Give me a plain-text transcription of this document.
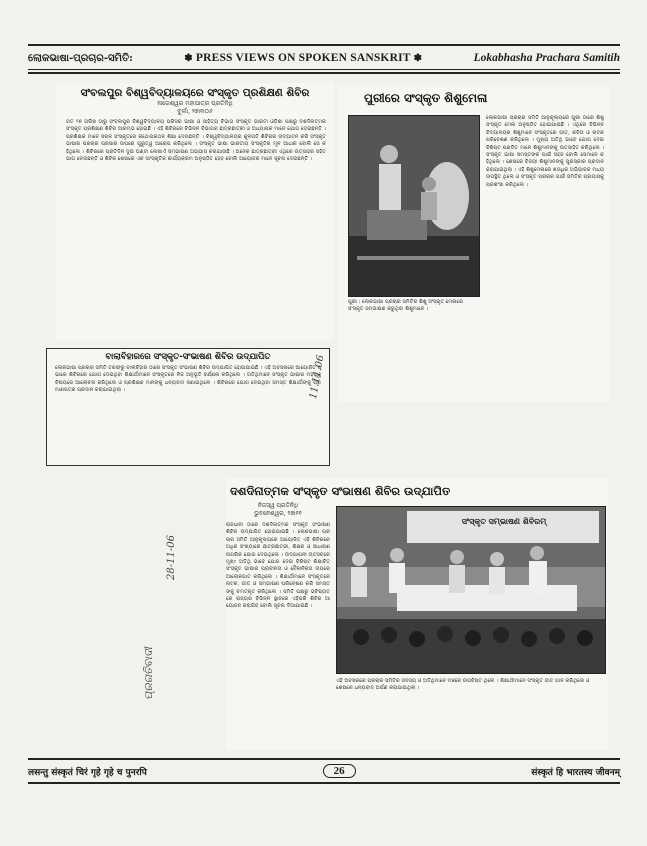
ଲୋକଭାଷା-ପ୍ରଚାର-ସମିତି:	✽ PRESS VIEWS ON SPOKEN SANSKRIT ✽	Lokabhasha Prachara Samitih
ସଂବଲପୁର ବିଶ୍ୱବିଦ୍ୟାଳୟରେ ସଂସ୍କୃତ ପ୍ରଶିକ୍ଷଣ ଶିବିର
ନାଗେଶ୍ୱର ମହାପାତ୍ର ପ୍ରତିନିଧି
ବୁର୍ଲା, ୨୭ା୧ା୦୬
ଗତ ୨୭ ତାରିଖ ଠାରୁ ସଂବଲପୁର ବିଶ୍ୱବିଦ୍ୟାଳୟ ପରିସର ଭାଷା ଓ ସାହିତ୍ୟ ବିଭାଗ ସଂସ୍କୃତ ଭାରତୀ ଓଡ଼ିଶା ପକ୍ଷରୁ ଦଶଦିନାତ୍ମକ ସଂସ୍କୃତ ପ୍ରଶିକ୍ଷଣ ଶିବିର ଆରମ୍ଭ ହୋଇଛି । ଏହି ଶିବିରରେ ବିଭିନ୍ନ ବିଭାଗର ଛାତ୍ରଛାତ୍ରୀ ଓ ଅଧ୍ୟାପକ ମାନେ ଯୋଗ ଦେଇଛନ୍ତି । ପ୍ରଶିକ୍ଷକ ମାନେ ସରଳ ସଂସ୍କୃତରେ କଥୋପକଥନ ଶିକ୍ଷା ଦେଉଛନ୍ତି । ବିଶ୍ୱବିଦ୍ୟାଳୟର କୁଳପତି ଶିବିରର ଉଦ୍‌ଘାଟନ କରି ସଂସ୍କୃତ ଭାଷାର ପ୍ରଚାର ପ୍ରସାର ଉପରେ ଗୁରୁତ୍ୱ ଆରୋପ କରିଥିଲେ । ସଂସ୍କୃତ ଭାଷା ଭାରତୀୟ ସଂସ୍କୃତିର ମୂଳ ଆଧାର ବୋଲି ସେ କହିଥିଲେ । ଶିବିରରେ ପ୍ରତିଦିନ ଦୁଇ ଘଣ୍ଟା ଲେଖାଏଁ ସମ୍ଭାଷଣ ଅଭ୍ୟାସ କରାଯାଉଛି । ଅନେକ ଛାତ୍ରଛାତ୍ରୀ ଏଥିରେ ଉତ୍ସାହର ସହିତ ଭାଗ ନେଉଛନ୍ତି ଓ ଶିବିର ଶେଷରେ ଏକ ସାଂସ୍କୃତିକ କାର୍ଯ୍ୟକ୍ରମ ଅନୁଷ୍ଠିତ ହେବ ବୋଲି ଆୟୋଜକ ମାନେ ସୂଚନା ଦେଇଛନ୍ତି ।
ପୁରୀରେ ସଂସ୍କୃତ ଶିଶୁମେଳା
ଲୋକଭାଷା ପ୍ରଚାର ସମିତି ଆନୁକୂଲ୍ୟରେ ପୁରୀ ଠାରେ ଶିଶୁ ସଂସ୍କୃତ ମେଳା ଅନୁଷ୍ଠିତ ହୋଇଯାଇଛି । ଏଥିରେ ବିଭିନ୍ନ ବିଦ୍ୟାଳୟର ଶିଶୁମାନେ ସଂସ୍କୃତରେ ଗୀତ, କବିତା ଓ ନାଟକ ପରିବେଶଣ କରିଥିଲେ । ମୁଖ୍ୟ ଅତିଥି ଭାବେ ଯୋଗ ଦେଇ ବିଶିଷ୍ଟ ପଣ୍ଡିତ ମାନେ ଶିଶୁମାନଙ୍କୁ ଉତ୍ସାହିତ କରିଥିଲେ । ସଂସ୍କୃତ ଭାଷା ସମସ୍ତଙ୍କ ପାଇଁ ସହଜ ବୋଲି ସେମାନେ କହିଥିଲେ । ଶେଷରେ ବିଜୟୀ ଶିଶୁମାନଙ୍କୁ ପୁରସ୍କାର ପ୍ରଦାନ କରାଯାଇଥିଲା । ଏହି ଶିଶୁମେଳାରେ ଶତାଧିକ ଅଭିଭାବକ ମଧ୍ୟ ଉପସ୍ଥିତ ଥିଲେ ଓ ସଂସ୍କୃତ ପ୍ରଚାର ପାଇଁ ସମିତିର ପ୍ରୟାସକୁ ପ୍ରଶଂସା କରିଥିଲେ ।
ପୁରୀ : ଲୋକଭାଷା ପ୍ରଚାର ସମିତିର ଶିଶୁ ସଂସ୍କୃତ ମେଳାରେ ସଂସ୍କୃତ ସମ୍ଭାଷଣ କରୁଥିବା ଶିଶୁମାନେ ।
ବାଲାବିହାରରେ ସଂସ୍କୃତ-ସଂଭାଷଣ ଶିବିର ଉଦ୍‌ଯାପିତ
ଲୋକଭାଷା ପ୍ରଚାର ସମିତି ତରଫରୁ ବାଲାବିହାର ଠାରେ ସଂସ୍କୃତ ସଂଭାଷଣ ଶିବିର ଉଦ୍‌ଯାପିତ ହୋଇଯାଇଛି । ଏହି ଅବସରରେ ଆୟୋଜିତ ସଭାରେ ଶିବିରରେ ଯୋଗ ଦେଇଥିବା ଶିକ୍ଷାର୍ଥୀମାନେ ସଂସ୍କୃତରେ ନିଜ ଅନୁଭୂତି ବର୍ଣ୍ଣନା କରିଥିଲେ । ଅତିଥିମାନେ ସଂସ୍କୃତ ଭାଷାର ମହତ୍ତ୍ୱ ବିଷୟରେ ଆଲୋଚନା କରିଥିଲେ ଓ ପ୍ରଶିକ୍ଷକ ମାନଙ୍କୁ ଧନ୍ୟବାଦ ଜଣାଇଥିଲେ । ଶିବିରରେ ଯୋଗ ଦେଇଥିବା ସମସ୍ତ ଶିକ୍ଷାର୍ଥୀଙ୍କୁ ପ୍ରମାଣପତ୍ର ପ୍ରଦାନ କରାଯାଇଥିଲା ।
ଦଶଦିନାତ୍ମକ ସଂସ୍କୃତ ସଂଭାଷଣ ଶିବିର ଉଦ୍‌ଯାପିତ
ନିଜସ୍ୱ ପ୍ରତିନିଧି
ଭୁବନେଶ୍ୱର, ୨୭ା୧୧
ରାଜଧାନୀ ଠାରେ ଦଶଦିନାତ୍ମକ ସଂସ୍କୃତ ସଂଭାଷଣ ଶିବିର ଉଦ୍‌ଯାପିତ ହୋଇଯାଇଛି । ଲୋକଭାଷା ପ୍ରଚାର ସମିତି ଆନୁକୂଲ୍ୟରେ ଆୟୋଜିତ ଏହି ଶିବିରରେ ଅଧିକ ସଂଖ୍ୟାରେ ଛାତ୍ରଛାତ୍ରୀ, ଶିକ୍ଷକ ଓ ସାଧାରଣ ନାଗରିକ ଯୋଗ ଦେଇଥିଲେ । ଉଦ୍‌ଯାପନୀ ଉତ୍ସବରେ ମୁଖ୍୯ ଅତିଥି ଭାବେ ଯୋଗ ଦେଇ ବିଶିଷ୍ଟ ଶିକ୍ଷାବିତ୍ ସଂସ୍କୃତ ଭାଷାର ପ୍ରାଚୀନତା ଓ ବୈଜ୍ଞାନିକତା ଉପରେ ଆଲୋକପାତ କରିଥିଲେ । ଶିକ୍ଷାର୍ଥୀମାନେ ସଂସ୍କୃତରେ ନାଟକ, ଗୀତ ଓ ସମ୍ଭାଷଣ ପରିବେଶଣ କରି ସମସ୍ତଙ୍କୁ ଚମତ୍କୃତ କରିଥିଲେ । ସମିତି ପକ୍ଷରୁ ଭବିଷ୍ୟତରେ ରାଜ୍ୟର ବିଭିନ୍ନ ସ୍ଥାନରେ ଏହିପରି ଶିବିର ଆୟୋଜନ କରାଯିବ ବୋଲି ସୂଚନା ଦିଆଯାଇଛି ।
ସଂସ୍କୃତ ସମ୍ଭାଷଣ ଶିବିରମ୍
ଏହି ଅବସରରେ ପ୍ରଚାର ସମିତିର ସଦସ୍ୟ ଓ ଅତିଥିମାନେ ମଞ୍ଚରେ ଉପବିଷ୍ଟ ଥିଲେ । ଶିକ୍ଷାର୍ଥୀମାନେ ସଂସ୍କୃତ ଗୀତ ଗାନ କରିଥିଲେ ଓ ଶେଷରେ ଧନ୍ୟବାଦ ଅର୍ପଣ କରାଯାଇଥିଲା ।
11.11.06
ପ୍ରଗତିବାଦୀ
28-11-06
लसन्तु संस्कृतं चिरं गृहे गृहे च पुनरपि	26	संस्कृतं हि भारतस्य जीवनम्
